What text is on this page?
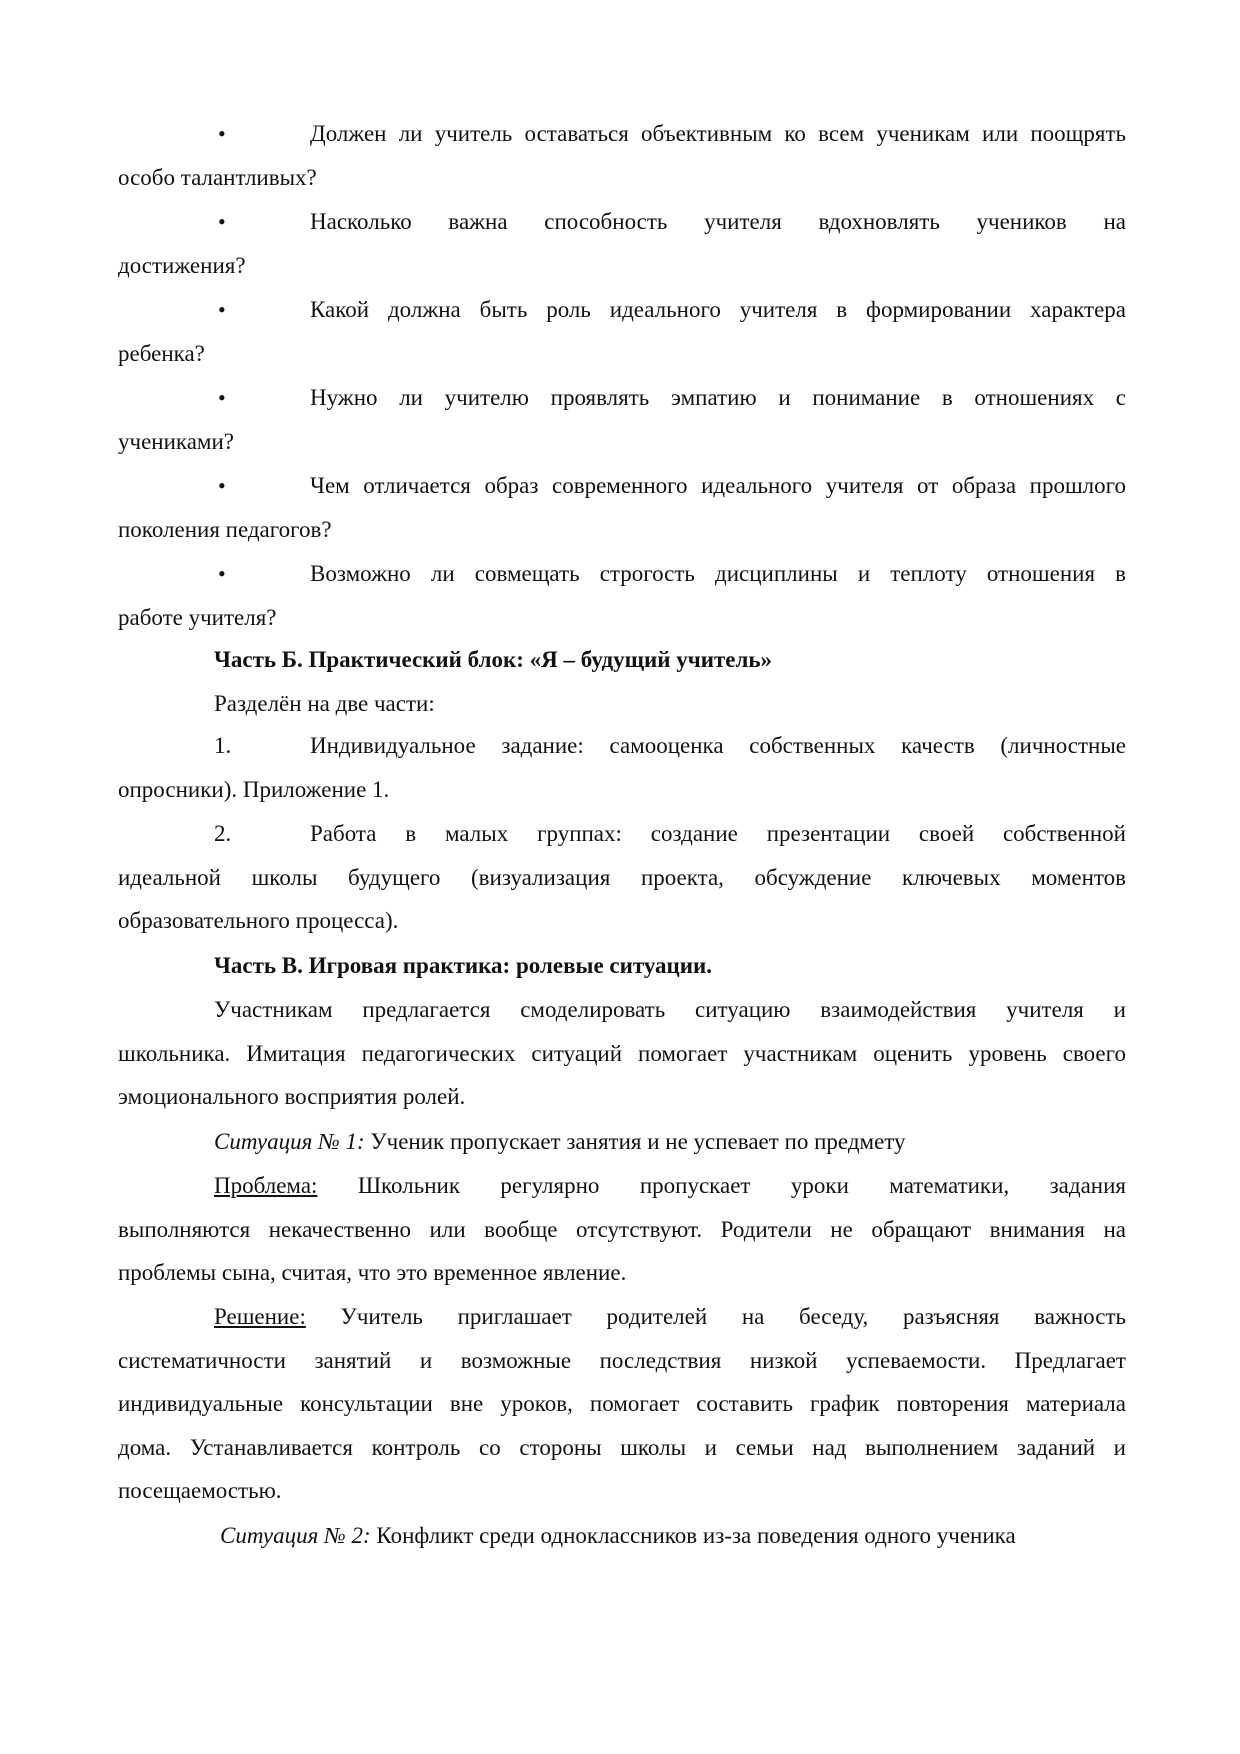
•	Должен ли учитель оставаться объективным ко всем ученикам или поощрять
особо талантливых?
•	Насколько важна способность учителя вдохновлять учеников на
достижения?
•	Какой должна быть роль идеального учителя в формировании характера
ребенка?
•	Нужно ли учителю проявлять эмпатию и понимание в отношениях с
учениками?
•	Чем отличается образ современного идеального учителя от образа прошлого
поколения педагогов?
•	Возможно ли совмещать строгость дисциплины и теплоту отношения в
работе учителя?
Часть Б. Практический блок: «Я – будущий учитель»
Разделён на две части:
1.	Индивидуальное задание: самооценка собственных качеств (личностные
опросники). Приложение 1.
2.	Работа в малых группах: создание презентации своей собственной
идеальной школы будущего (визуализация проекта, обсуждение ключевых моментов
образовательного процесса).
Часть В. Игровая практика: ролевые ситуации.
Участникам предлагается смоделировать ситуацию взаимодействия учителя и
школьника. Имитация педагогических ситуаций помогает участникам оценить уровень своего
эмоционального восприятия ролей.
Ситуация № 1: Ученик пропускает занятия и не успевает по предмету
Проблема: Школьник регулярно пропускает уроки математики, задания
выполняются некачественно или вообще отсутствуют. Родители не обращают внимания на
проблемы сына, считая, что это временное явление.
Решение: Учитель приглашает родителей на беседу, разъясняя важность
систематичности занятий и возможные последствия низкой успеваемости. Предлагает
индивидуальные консультации вне уроков, помогает составить график повторения материала
дома. Устанавливается контроль со стороны школы и семьи над выполнением заданий и
посещаемостью.
Ситуация № 2: Конфликт среди одноклассников из-за поведения одного ученика
